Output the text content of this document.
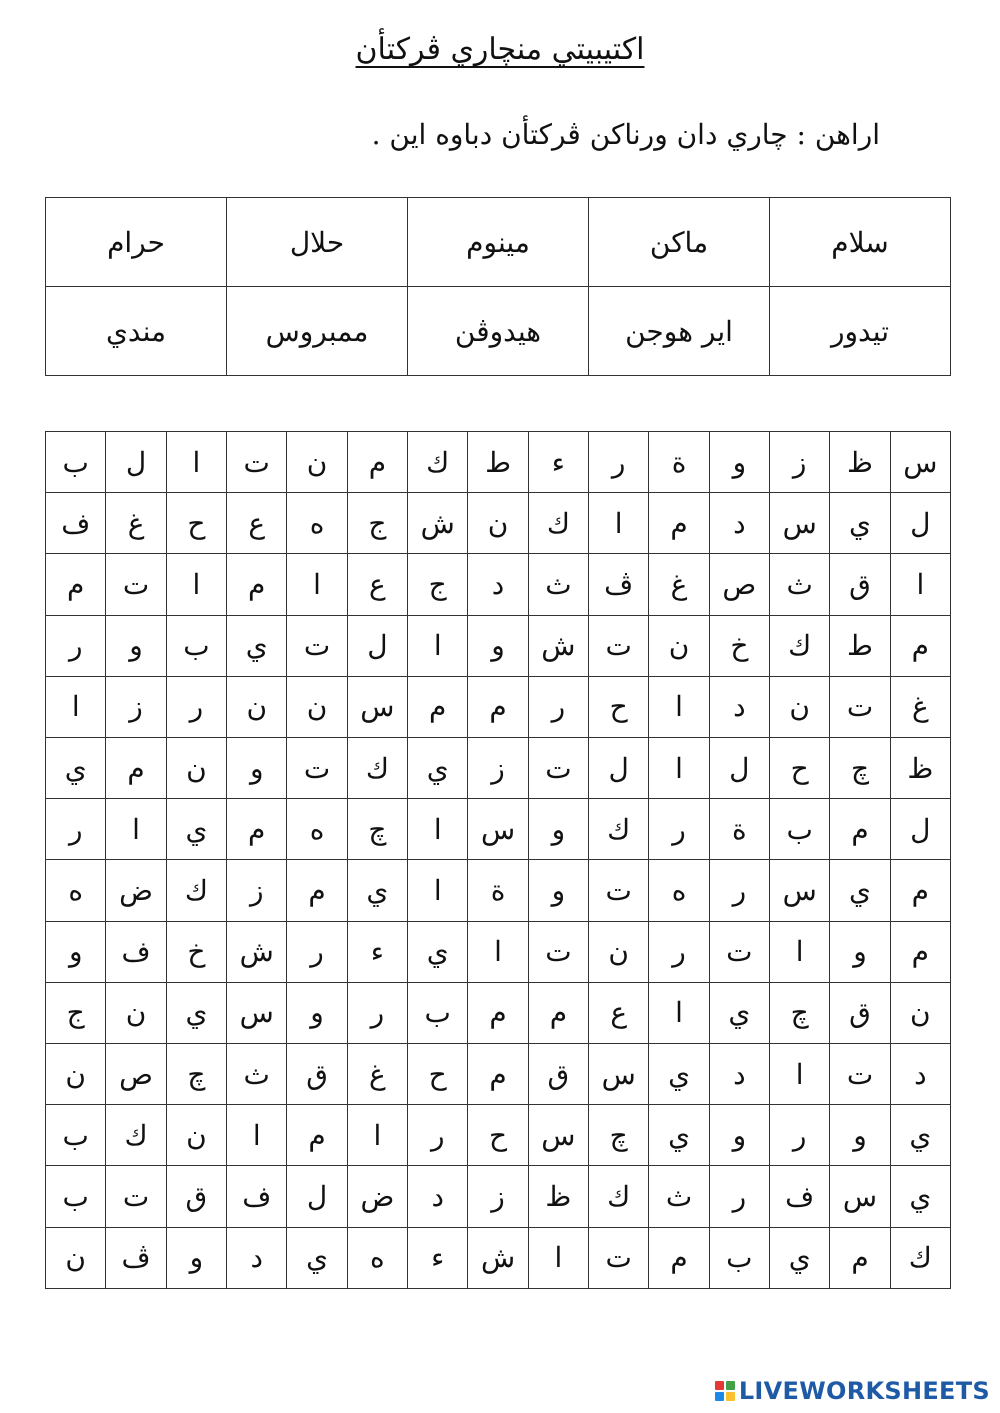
اكتيبيتي منچاري ڤركتأن
اراهن : چاري دان ورناكن ڤركتأن دباوه اين .
سلام	ماكن	مينوم	حلال	حرام
تيدور	اير هوجن	هيدوڤن	ممبروس	مندي
س	ظ	ز	و	ة	ر	ء	ط	ك	م	ن	ت	ا	ل	ب
ل	ي	س	د	م	ا	ك	ن	ش	ج	ه	ع	ح	غ	ف
ا	ق	ث	ص	غ	ڤ	ث	د	ج	ع	ا	م	ا	ت	م
م	ط	ك	خ	ن	ت	ش	و	ا	ل	ت	ي	ب	و	ر
غ	ت	ن	د	ا	ح	ر	م	م	س	ن	ن	ر	ز	ا
ظ	چ	ح	ل	ا	ل	ت	ز	ي	ك	ت	و	ن	م	ي
ل	م	ب	ة	ر	ك	و	س	ا	چ	ه	م	ي	ا	ر
م	ي	س	ر	ه	ت	و	ة	ا	ي	م	ز	ك	ض	ه
م	و	ا	ت	ر	ن	ت	ا	ي	ء	ر	ش	خ	ف	و
ن	ق	چ	ي	ا	ع	م	م	ب	ر	و	س	ي	ن	ج
د	ت	ا	د	ي	س	ق	م	ح	غ	ق	ث	چ	ص	ن
ي	و	ر	و	ي	چ	س	ح	ر	ا	م	ا	ن	ك	ب
ي	س	ف	ر	ث	ك	ظ	ز	د	ض	ل	ف	ق	ت	ب
ك	م	ي	ب	م	ت	ا	ش	ء	ه	ي	د	و	ڤ	ن
LIVEWORKSHEETS
